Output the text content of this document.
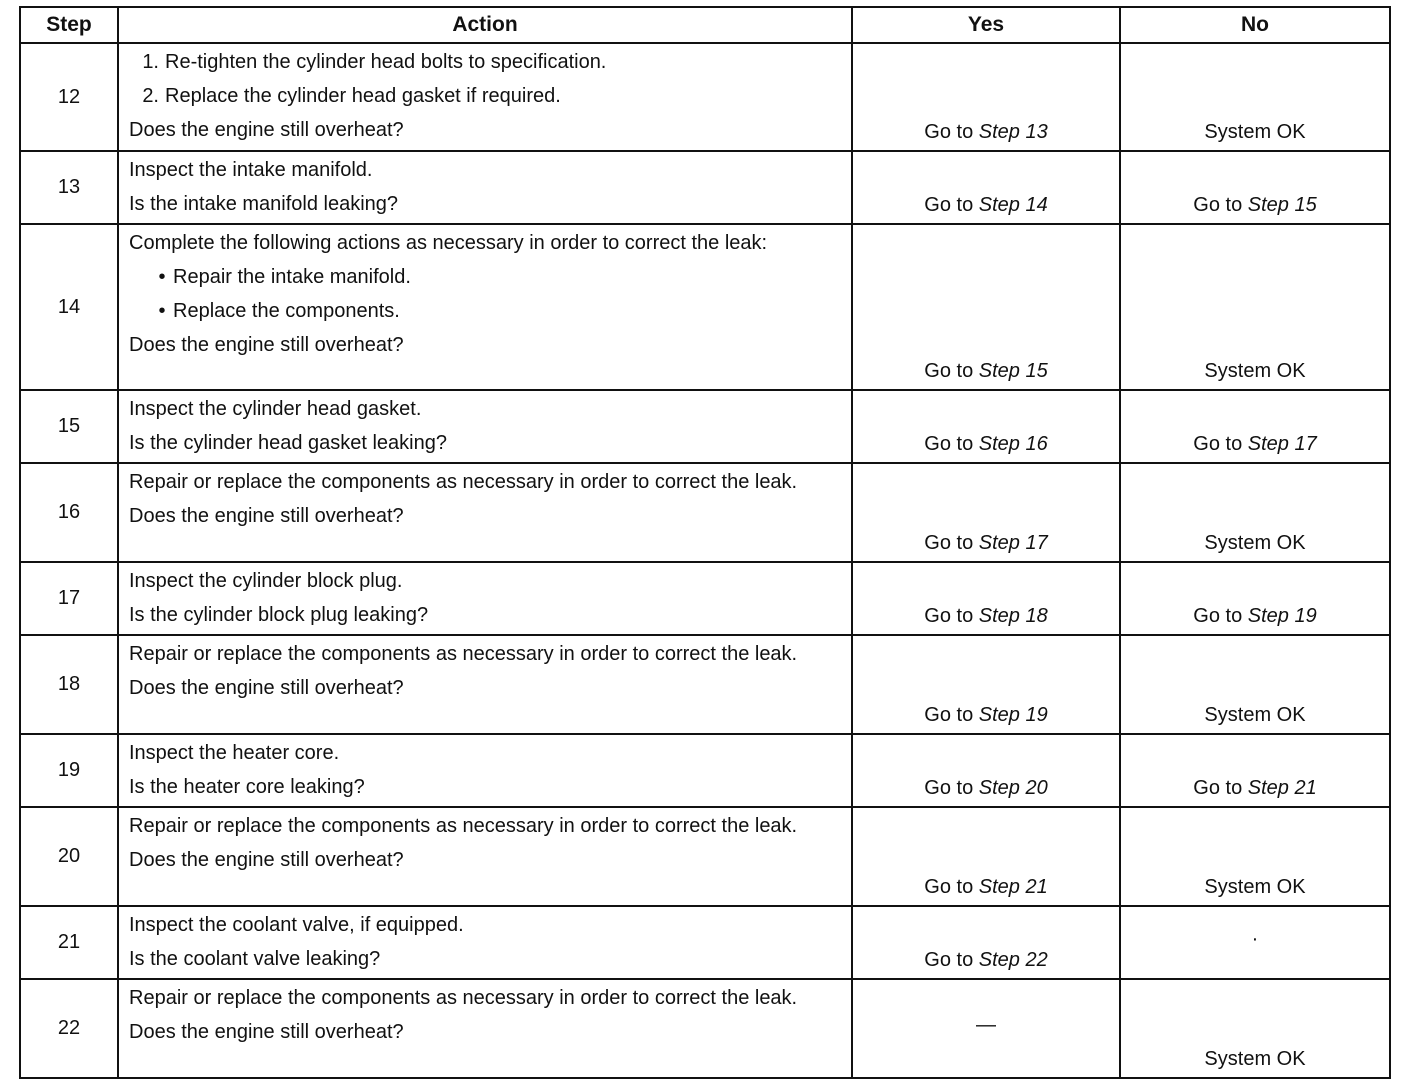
Step	Action	Yes	No
12	1. Re-tighten the cylinder head bolts to specification.
2. Replace the cylinder head gasket if required.
Does the engine still overheat?	Go to Step 13	System OK
13	Inspect the intake manifold.
Is the intake manifold leaking?	Go to Step 14	Go to Step 15
14	Complete the following actions as necessary in order to correct the leak:
• Repair the intake manifold.
• Replace the components.
Does the engine still overheat?	Go to Step 15	System OK
15	Inspect the cylinder head gasket.
Is the cylinder head gasket leaking?	Go to Step 16	Go to Step 17
16	Repair or replace the components as necessary in order to correct the leak.
Does the engine still overheat?	Go to Step 17	System OK
17	Inspect the cylinder block plug.
Is the cylinder block plug leaking?	Go to Step 18	Go to Step 19
18	Repair or replace the components as necessary in order to correct the leak.
Does the engine still overheat?	Go to Step 19	System OK
19	Inspect the heater core.
Is the heater core leaking?	Go to Step 20	Go to Step 21
20	Repair or replace the components as necessary in order to correct the leak.
Does the engine still overheat?	Go to Step 21	System OK
21	Inspect the coolant valve, if equipped.
Is the coolant valve leaking?	Go to Step 22	·
22	Repair or replace the components as necessary in order to correct the leak.
Does the engine still overheat?	—	System OK
